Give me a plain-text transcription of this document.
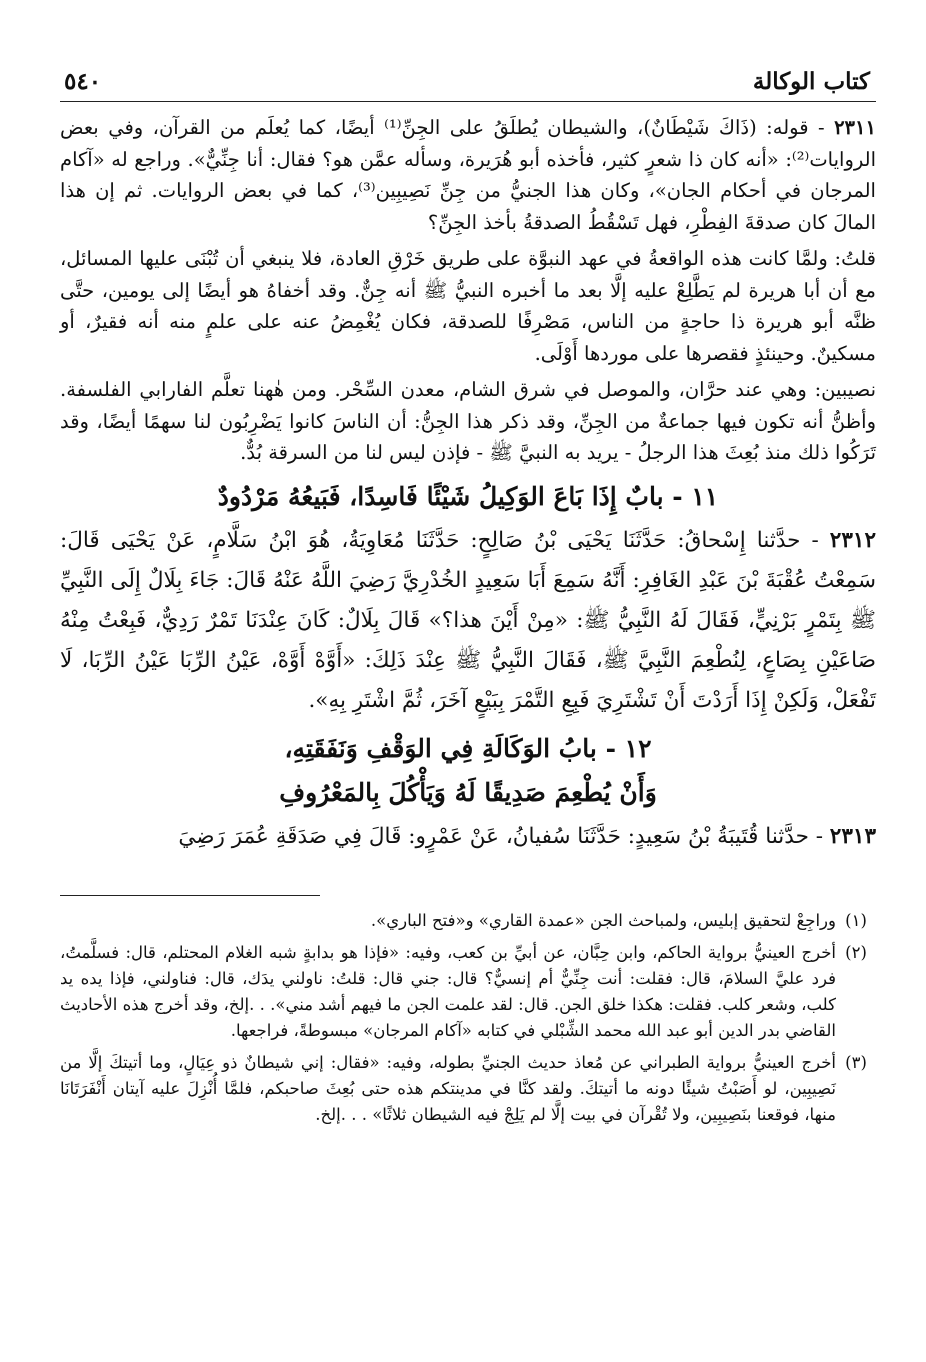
كتاب الوكالة
٥٤٠

٢٣١١ - قوله: (ذَاكَ شَيْطَانٌ)، والشيطان يُطلَقُ على الجِنِّ⁽¹⁾ أيضًا، كما يُعلَم من القرآن، وفي بعض الروايات⁽²⁾: «أنه كان ذا شعرٍ كثير، فأخذه أبو هُرَيرة، وسأله عمَّن هو؟ فقال: أنا جِنِّيٌّ». وراجع له «آكام المرجان في أحكام الجان»، وكان هذا الجنيُّ من جِنِّ نَصِيبِين⁽³⁾، كما في بعض الروايات. ثم إن هذا المالَ كان صدقةَ الفِطْرِ، فهل تَسْقُطُ الصدقةُ بأخذ الجِنِّ؟

قلتُ: ولمَّا كانت هذه الواقعةُ في عهد النبوَّة على طريق خَرْقِ العادة، فلا ينبغي أن تُبْنَى عليها المسائل، مع أن أبا هريرة لم يَطَّلِعْ عليه إلَّا بعد ما أخبره النبيُّ ﷺ أنه جِنٌّ. وقد أخفاهُ هو أيضًا إلى يومين، حتَّى ظنَّه أبو هريرة ذا حاجةٍ من الناس، مَصْرِفًا للصدقة، فكان يُغْمِضُ عنه على علمٍ منه أنه فقيرٌ، أو مسكينٌ. وحينئذٍ فقصرها على موردها أَوْلَى.

نصيبين: وهي عند حرَّان، والموصل في شرق الشام، معدن السِّحْر. ومن هٰهنا تعلَّم الفارابي الفلسفة. وأظنُّ أنه تكون فيها جماعةٌ من الجِنِّ، وقد ذكر هذا الجِنُّ: أن الناسَ كانوا يَضْرِبُون لنا سهمًا أيضًا، وقد تَرَكُوا ذلك منذ بُعِثَ هذا الرجلُ - يريد به النبيَّ ﷺ - فإذن ليس لنا من السرقة بُدٌّ.

١١ - بابٌ إِذَا بَاعَ الوَكِيلُ شَيْئًا فَاسِدًا، فَبَيعُهُ مَرْدُودٌ

٢٣١٢ - حدَّثنا إِسْحاقُ: حَدَّثَنَا يَحْيَى بْنُ صَالِحٍ: حَدَّثَنَا مُعَاوِيَةُ، هُوَ ابْنُ سَلَّامٍ، عَنْ يَحْيَى قَالَ: سَمِعْتُ عُقْبَةَ بْنَ عَبْدِ الغَافِرِ: أَنَّهُ سَمِعَ أَبَا سَعِيدٍ الخُدْرِيَّ رَضِيَ اللَّهُ عَنْهُ قَالَ: جَاءَ بِلَالٌ إِلَى النَّبِيِّ ﷺ بِتَمْرٍ بَرْنِيٍّ، فَقَالَ لَهُ النَّبِيُّ ﷺ: «مِنْ أَيْنَ هذا؟» قَالَ بِلَالٌ: كَانَ عِنْدَنَا تَمْرٌ رَدِيٌّ، فَبِعْتُ مِنْهُ صَاعَيْنِ بِصَاعٍ، لِنُطْعِمَ النَّبِيَّ ﷺ، فَقَالَ النَّبِيُّ ﷺ عِنْدَ ذَلِكَ: «أَوَّهْ أَوَّهْ، عَيْنُ الرِّبَا عَيْنُ الرِّبَا، لَا تَفْعَلْ، وَلَكِنْ إِذَا أَرَدْتَ أَنْ تَشْتَرِيَ فَبِعِ التَّمْرَ بِبَيْعٍ آخَرَ، ثُمَّ اشْتَرِ بِهِ».

١٢ - بابُ الوَكَالَةِ فِي الوَقْفِ وَنَفَقَتِهِ،
وَأَنْ يُطْعِمَ صَدِيقًا لَهُ وَيَأْكُلَ بِالمَعْرُوفِ

٢٣١٣ - حدَّثنا قُتَيبَةُ بْنُ سَعِيدٍ: حَدَّثَنَا سُفيانُ، عَنْ عَمْرٍو: قَالَ فِي صَدَقَةِ عُمَرَ رَضِيَ

(١)
وراجِعْ لتحقيق إبليس، ولمباحث الجن «عمدة القاري» و«فتح الباري».
(٢)
أخرج العينيُّ برواية الحاكم، وابن حِبَّان، عن أبيِّ بن كعب، وفيه: «فإذا هو بدابةٍ شبه الغلام المحتلم، قال: فسلَّمتُ، فرد عليَّ السلامَ، قال: فقلت: أنت جِنِّيٌّ أم إنسيٌّ؟ قال: جني قال: قلتُ: ناولني يدَك، قال: فناولني، فإذا يده يد كلب، وشعر كلب. فقلت: هكذا خلق الجن. قال: لقد علمت الجن ما فيهم أشد مني». . .إلخ، وقد أخرج هذه الأحاديث القاضي بدر الدين أبو عبد الله محمد الشِّبْلي في كتابه «آكام المرجان» مبسوطةً، فراجعها.
(٣)
أخرج العينيُّ برواية الطبراني عن مُعاذ حديث الجنيِّ بطوله، وفيه: «فقال: إني شيطانٌ ذو عِيَالٍ، وما أتيتكَ إلَّا من نَصِيبِين، لو أَصَبْتُ شيئًا دونه ما أتيتكَ. ولقد كنَّا في مدينتكم هذه حتى بُعِثَ صاحبكم، فلمَّا أُنْزِلَ عليه آيتان أَنْفَرَتَانَا منها، فوقعنا بنَصِيبِين، ولا تُقْرآن في بيت إلَّا لم يَلِجْ فيه الشيطان ثلاثًا» . . .إلخ.
